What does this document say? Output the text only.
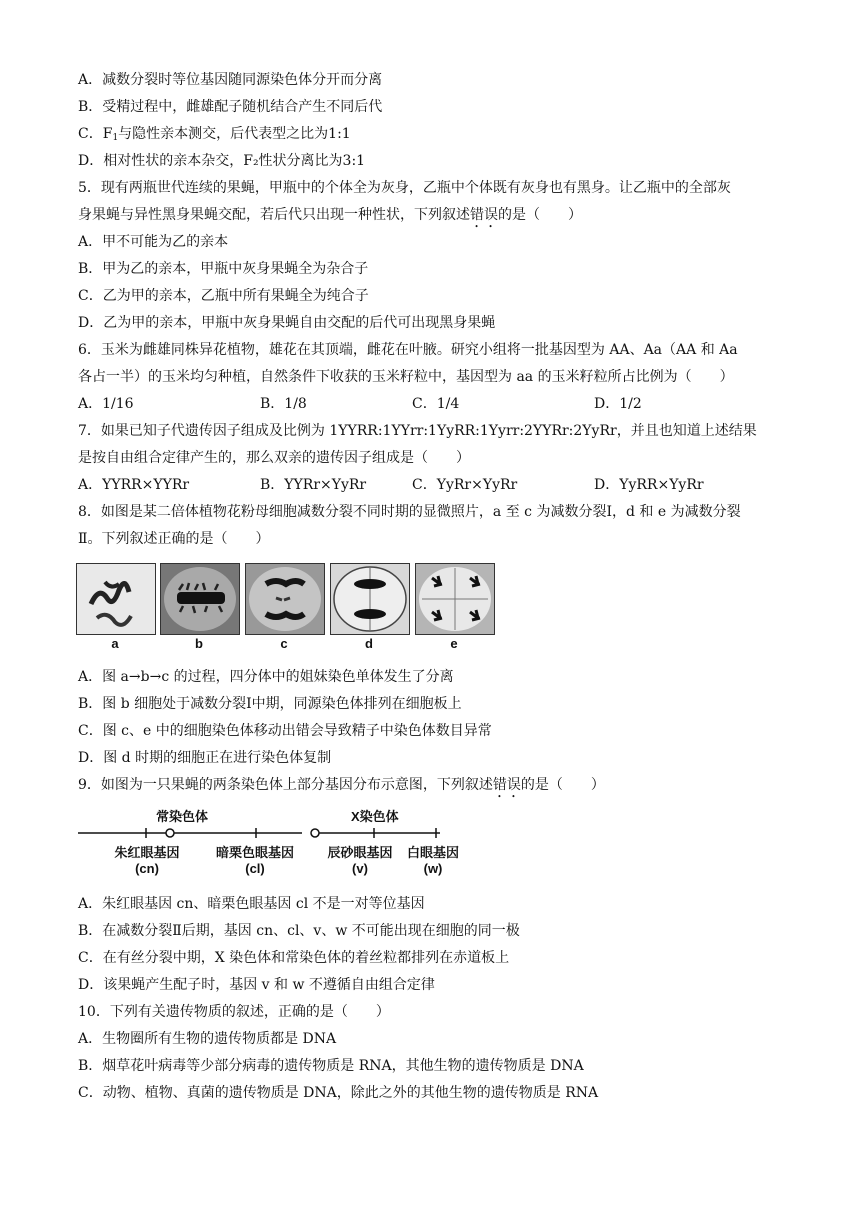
A．减数分裂时等位基因随同源染色体分开而分离
B．受精过程中，雌雄配子随机结合产生不同后代
C．$F_1$与隐性亲本测交，后代表型之比为1:1
D．相对性状的亲本杂交，F₂性状分离比为3:1
5．现有两瓶世代连续的果蝇，甲瓶中的个体全为灰身，乙瓶中个体既有灰身也有黑身。让乙瓶中的全部灰
身果蝇与异性黑身果蝇交配，若后代只出现一种性状，下列叙述错误的是（　　）
A．甲不可能为乙的亲本
B．甲为乙的亲本，甲瓶中灰身果蝇全为杂合子
C．乙为甲的亲本，乙瓶中所有果蝇全为纯合子
D．乙为甲的亲本，甲瓶中灰身果蝇自由交配的后代可出现黑身果蝇
6．玉米为雌雄同株异花植物，雄花在其顶端，雌花在叶腋。研究小组将一批基因型为 AA、Aa（AA 和 Aa
各占一半）的玉米均匀种植，自然条件下收获的玉米籽粒中，基因型为 aa 的玉米籽粒所占比例为（　　）
A．1/16	B．1/8	C．1/4	D．1/2
7．如果已知子代遗传因子组成及比例为 1YYRR:1YYrr:1YyRR:1Yyrr:2YYRr:2YyRr，并且也知道上述结果
是按自由组合定律产生的，那么双亲的遗传因子组成是（　　）
A．YYRR×YYRr	B．YYRr×YyRr	C．YyRr×YyRr	D．YyRR×YyRr
8．如图是某二倍体植物花粉母细胞减数分裂不同时期的显微照片，a 至 c 为减数分裂Ⅰ，d 和 e 为减数分裂
Ⅱ。下列叙述正确的是（　　）
a	b	c	d	e
A．图 a→b→c 的过程，四分体中的姐妹染色单体发生了分离
B．图 b 细胞处于减数分裂Ⅰ中期，同源染色体排列在细胞板上
C．图 c、e 中的细胞染色体移动出错会导致精子中染色体数目异常
D．图 d 时期的细胞正在进行染色体复制
9．如图为一只果蝇的两条染色体上部分基因分布示意图，下列叙述错误的是（　　）
常染色体	X染色体
朱红眼基因
(cn)
暗栗色眼基因
(cl)
辰砂眼基因
(v)
白眼基因
(w)
A．朱红眼基因 cn、暗栗色眼基因 cl 不是一对等位基因
B．在减数分裂Ⅱ后期，基因 cn、cl、v、w 不可能出现在细胞的同一极
C．在有丝分裂中期，X 染色体和常染色体的着丝粒都排列在赤道板上
D．该果蝇产生配子时，基因 v 和 w 不遵循自由组合定律
10．下列有关遗传物质的叙述，正确的是（　　）
A．生物圈所有生物的遗传物质都是 DNA
B．烟草花叶病毒等少部分病毒的遗传物质是 RNA，其他生物的遗传物质是 DNA
C．动物、植物、真菌的遗传物质是 DNA，除此之外的其他生物的遗传物质是 RNA
